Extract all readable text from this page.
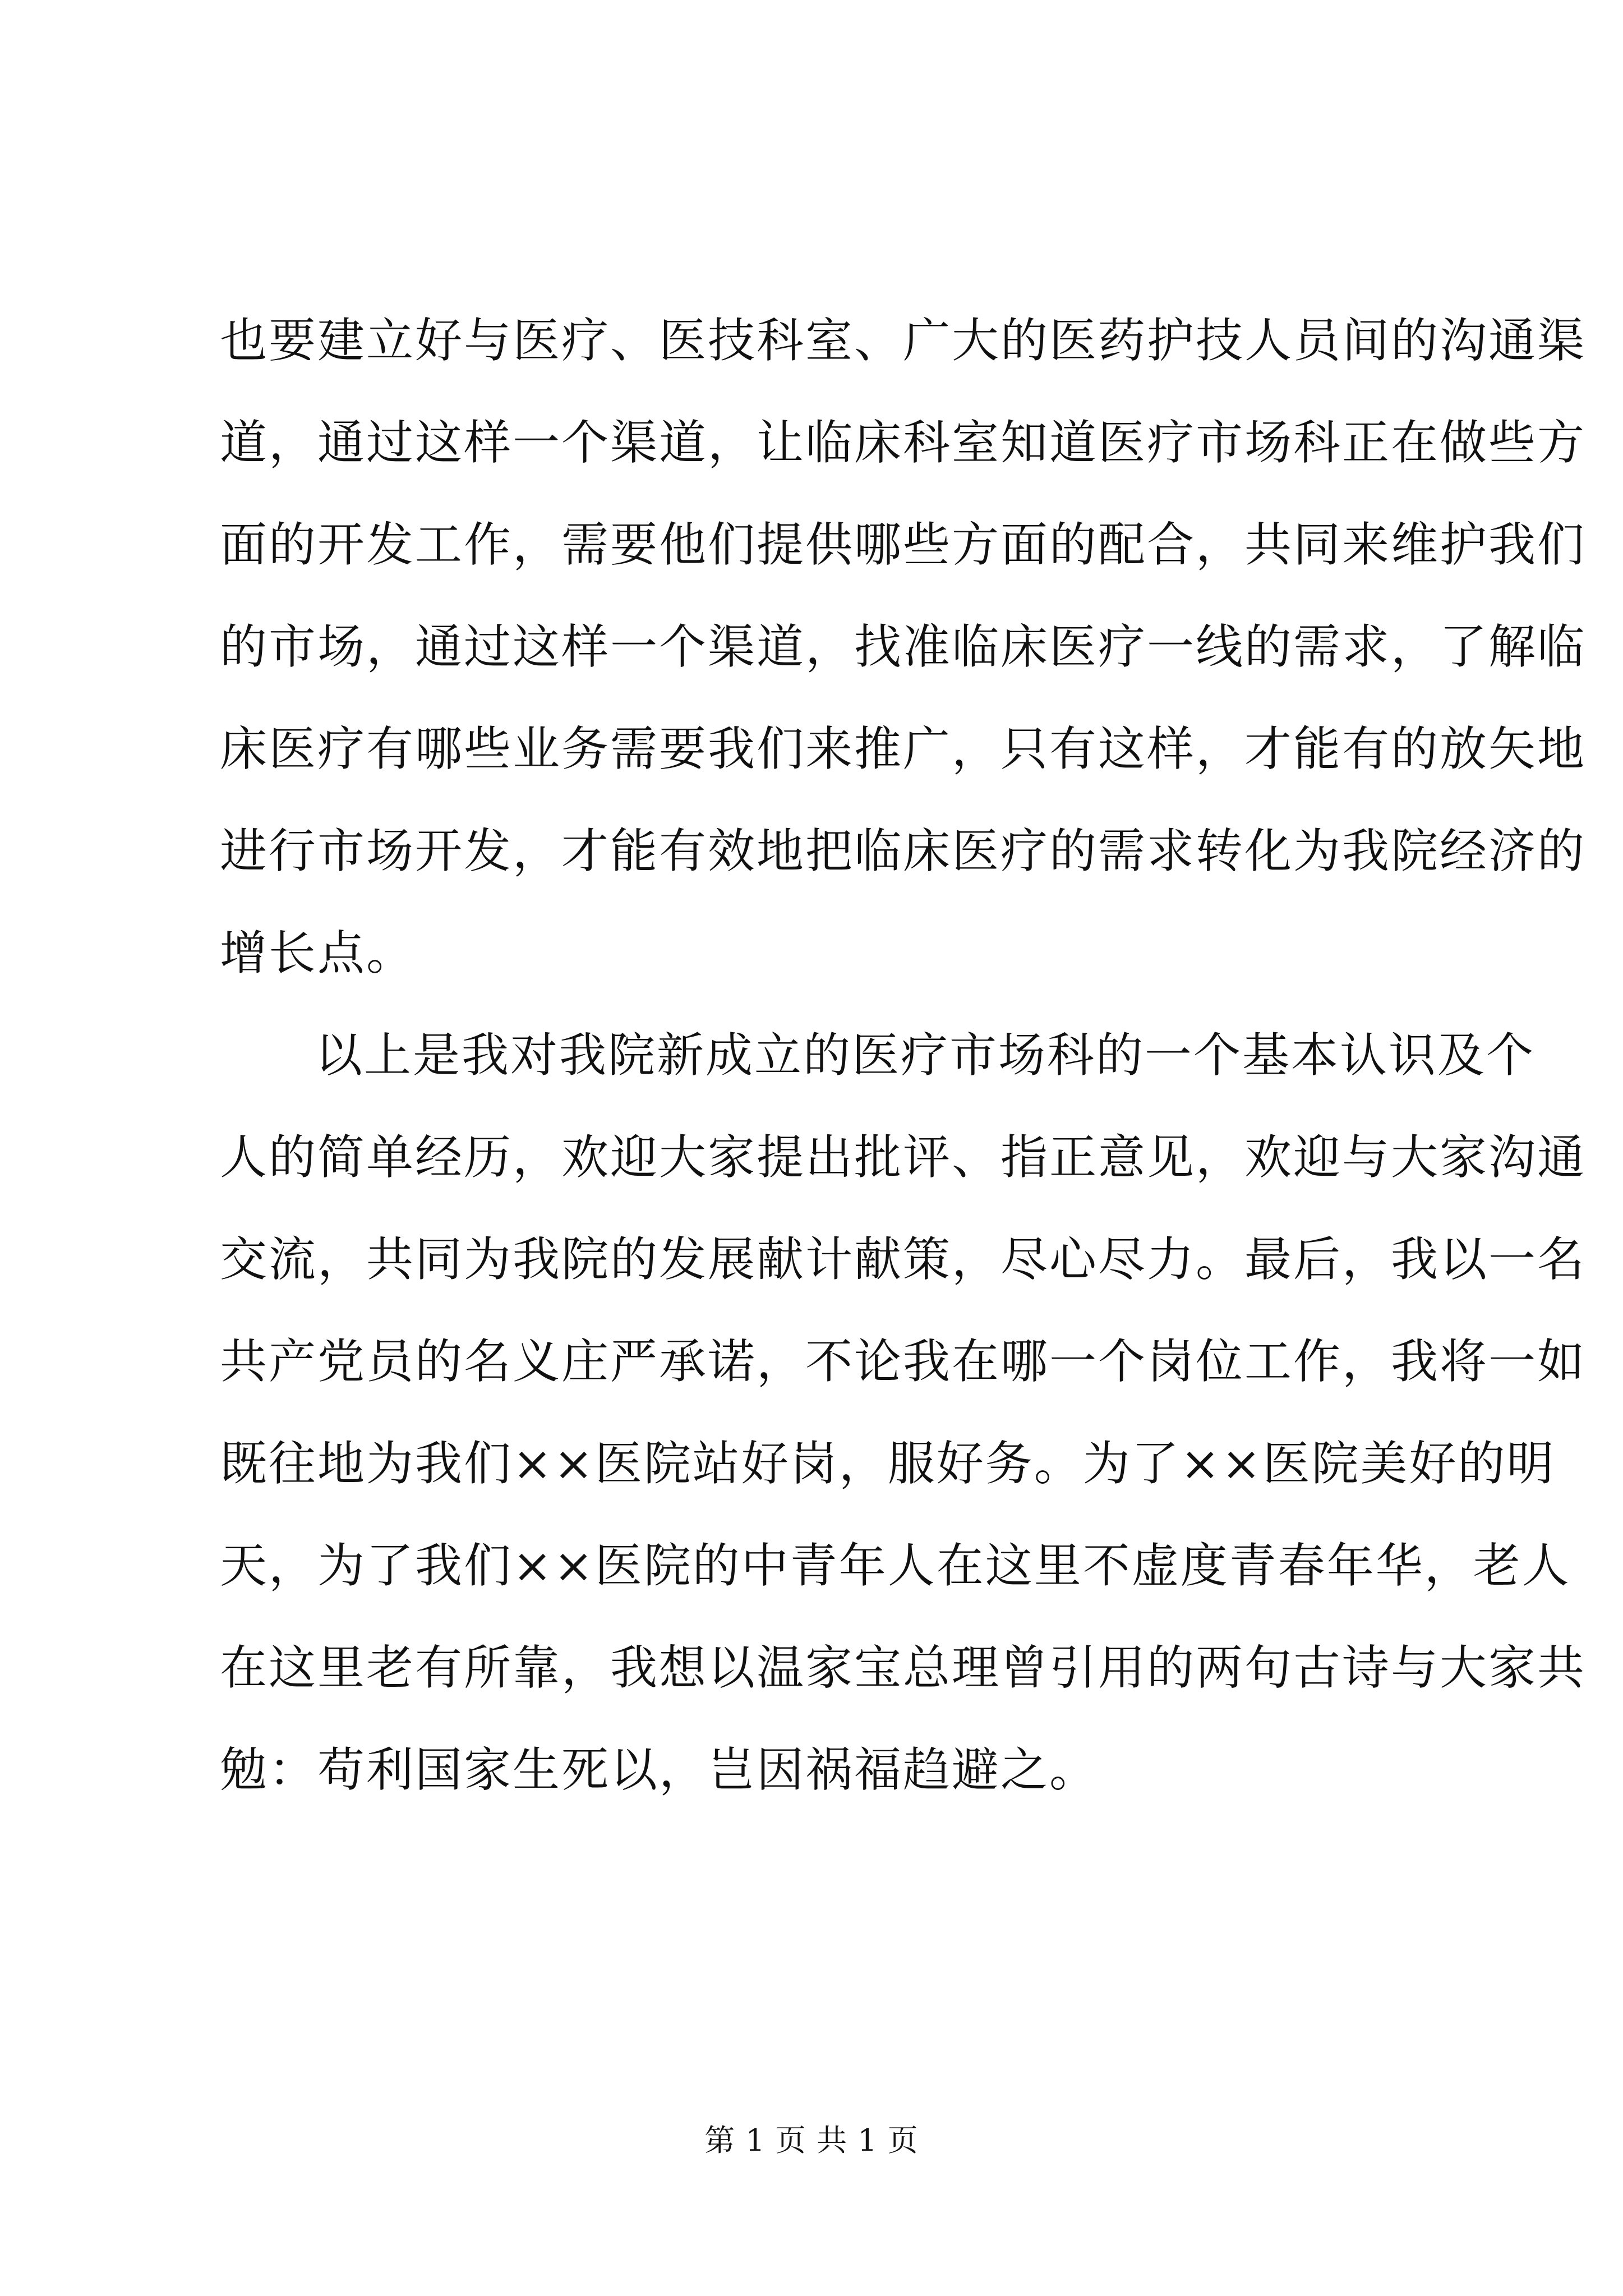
也要建立好与医疗、医技科室、广大的医药护技人员间的沟通渠
道，通过这样一个渠道，让临床科室知道医疗市场科正在做些方
面的开发工作，需要他们提供哪些方面的配合，共同来维护我们
的市场，通过这样一个渠道，找准临床医疗一线的需求，了解临
床医疗有哪些业务需要我们来推广，只有这样，才能有的放矢地
进行市场开发，才能有效地把临床医疗的需求转化为我院经济的
增长点。
以上是我对我院新成立的医疗市场科的一个基本认识及个
人的简单经历，欢迎大家提出批评、指正意见，欢迎与大家沟通
交流，共同为我院的发展献计献策，尽心尽力。最后，我以一名
共产党员的名义庄严承诺，不论我在哪一个岗位工作，我将一如
既往地为我们××医院站好岗，服好务。为了××医院美好的明
天，为了我们××医院的中青年人在这里不虚度青春年华，老人
在这里老有所靠，我想以温家宝总理曾引用的两句古诗与大家共
勉：苟利国家生死以，岂因祸福趋避之。
第 1 页 共 1 页
